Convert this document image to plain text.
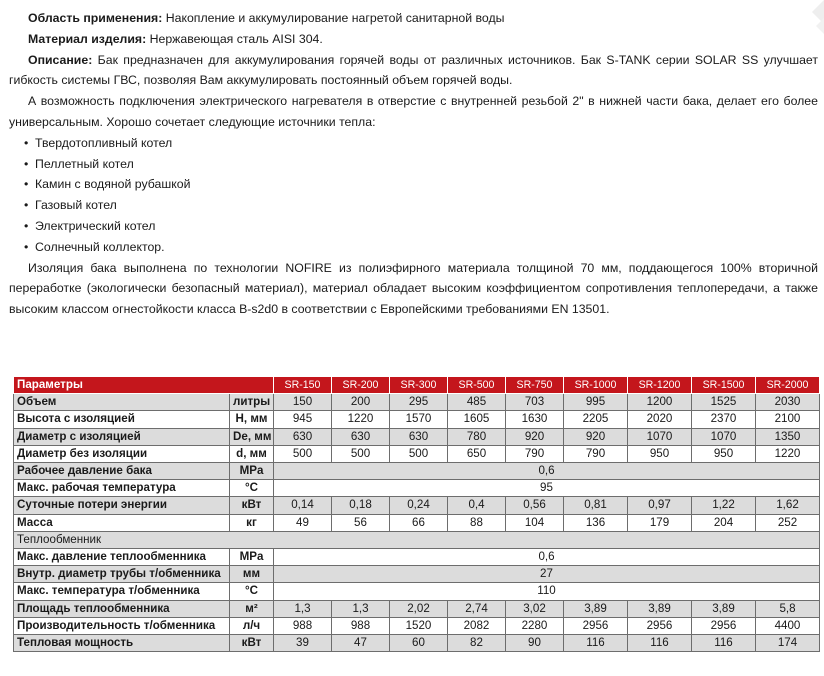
Область применения: Накопление и аккумулирование нагретой санитарной воды

Материал изделия: Нержавеющая сталь AISI 304.

Описание: Бак предназначен для аккумулирования горячей воды от различных источников. Бак S-TANK серии SOLAR SS улучшает

гибкость системы ГВС, позволяя Вам аккумулировать постоянный объем горячей воды.

А возможность подключения электрического нагревателя в отверстие с внутренней резьбой 2" в нижней части бака, делает его более

универсальным. Хорошо сочетает следующие источники тепла:

• Твердотопливный котел
• Пеллетный котел
• Камин с водяной рубашкой
• Газовый котел
• Электрический котел
• Солнечный коллектор.

Изоляция бака выполнена по технологии NOFIRE из полиэфирного материала толщиной 70 мм, поддающегося 100% вторичной

переработке (экологически безопасный материал), материал обладает высоким коэффициентом сопротивления теплопередачи, а также

высоким классом огнестойкости класса B-s2d0 в соответствии с Европейскими требованиями EN 13501.

Параметры		SR-150	SR-200	SR-300	SR-500	SR-750	SR-1000	SR-1200	SR-1500	SR-2000
Объем	литры	150	200	295	485	703	995	1200	1525	2030
Высота с изоляцией	Н, мм	945	1220	1570	1605	1630	2205	2020	2370	2100
Диаметр с изоляцией	De, мм	630	630	630	780	920	920	1070	1070	1350
Диаметр без изоляции	d, мм	500	500	500	650	790	790	950	950	1220
Рабочее давление бака	MPa	0,6								
Макс. рабочая температура	°C	95								
Суточные потери энергии	кВт	0,14	0,18	0,24	0,4	0,56	0,81	0,97	1,22	1,62
Масса	кг	49	56	66	88	104	136	179	204	252
Теплообменник										
Макс. давление теплообменника	MPa	0,6								
Внутр. диаметр трубы т/обменника	мм	27								
Макс. температура т/обменника	°C	110								
Площадь теплообменника	м²	1,3	1,3	2,02	2,74	3,02	3,89	3,89	3,89	5,8
Производительность т/обменника	л/ч	988	988	1520	2082	2280	2956	2956	2956	4400
Тепловая мощность	кВт	39	47	60	82	90	116	116	116	174
